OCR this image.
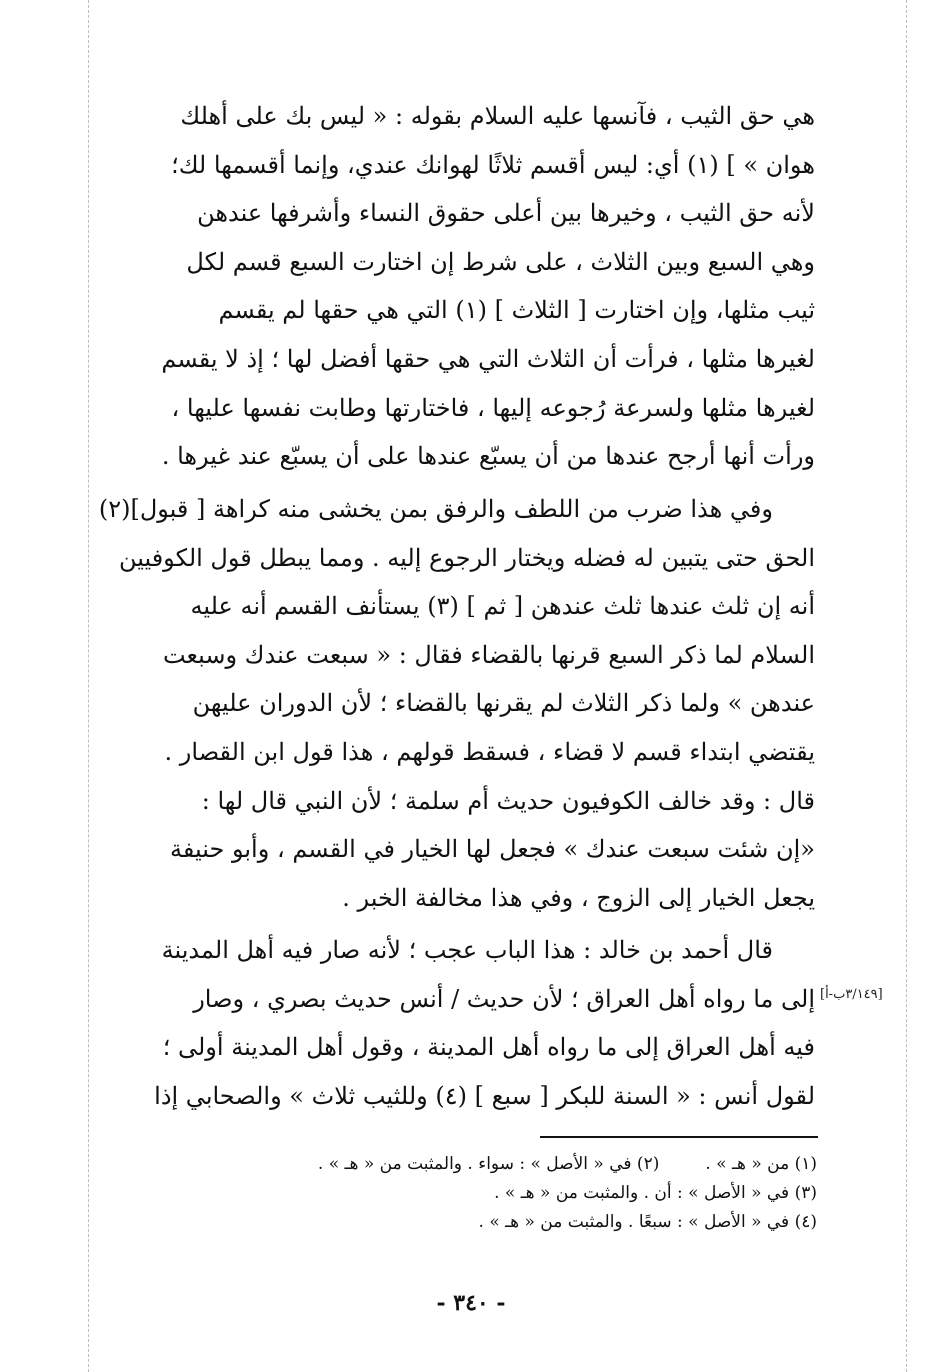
هي حق الثيب ، فآنسها عليه السلام بقوله : « ليس بك على أهلك
هوان » ] (١) أي: ليس أقسم ثلاثًا لهوانك عندي، وإنما أقسمها لك؛
لأنه حق الثيب ، وخيرها بين أعلى حقوق النساء وأشرفها عندهن
وهي السبع وبين الثلاث ، على شرط إن اختارت السبع قسم لكل
ثيب مثلها، وإن اختارت [ الثلاث ] (١) التي هي حقها لم يقسم
لغيرها مثلها ، فرأت أن الثلاث التي هي حقها أفضل لها ؛ إذ لا يقسم
لغيرها مثلها ولسرعة رُجوعه إليها ، فاختارتها وطابت نفسها عليها ،
ورأت أنها أرجح عندها من أن يسبّع عندها على أن يسبّع عند غيرها .
وفي هذا ضرب من اللطف والرفق بمن يخشى منه كراهة [ قبول](٢)
الحق حتى يتبين له فضله ويختار الرجوع إليه . ومما يبطل قول الكوفيين
أنه إن ثلث عندها ثلث عندهن [ ثم ] (٣) يستأنف القسم أنه عليه
السلام لما ذكر السبع قرنها بالقضاء فقال : « سبعت عندك وسبعت
عندهن » ولما ذكر الثلاث لم يقرنها بالقضاء ؛ لأن الدوران عليهن
يقتضي ابتداء قسم لا قضاء ، فسقط قولهم ، هذا قول ابن القصار .
قال : وقد خالف الكوفيون حديث أم سلمة ؛ لأن النبي قال لها :
«إن شئت سبعت عندك » فجعل لها الخيار في القسم ، وأبو حنيفة
يجعل الخيار إلى الزوج ، وفي هذا مخالفة الخبر .
قال أحمد بن خالد : هذا الباب عجب ؛ لأنه صار فيه أهل المدينة
إلى ما رواه أهل العراق ؛ لأن حديث / أنس حديث بصري ، وصار
فيه أهل العراق إلى ما رواه أهل المدينة ، وقول أهل المدينة أولى ؛
لقول أنس : « السنة للبكر [ سبع ] (٤) وللثيب ثلاث » والصحابي إذا
[٣/١٤٩ب-أ]
(١) من « هـ » .(٢) في « الأصل » : سواء . والمثبت من « هـ » .
(٣) في « الأصل » : أن . والمثبت من « هـ » .
(٤) في « الأصل » : سبعًا . والمثبت من « هـ » .
- ٣٤٠ -
